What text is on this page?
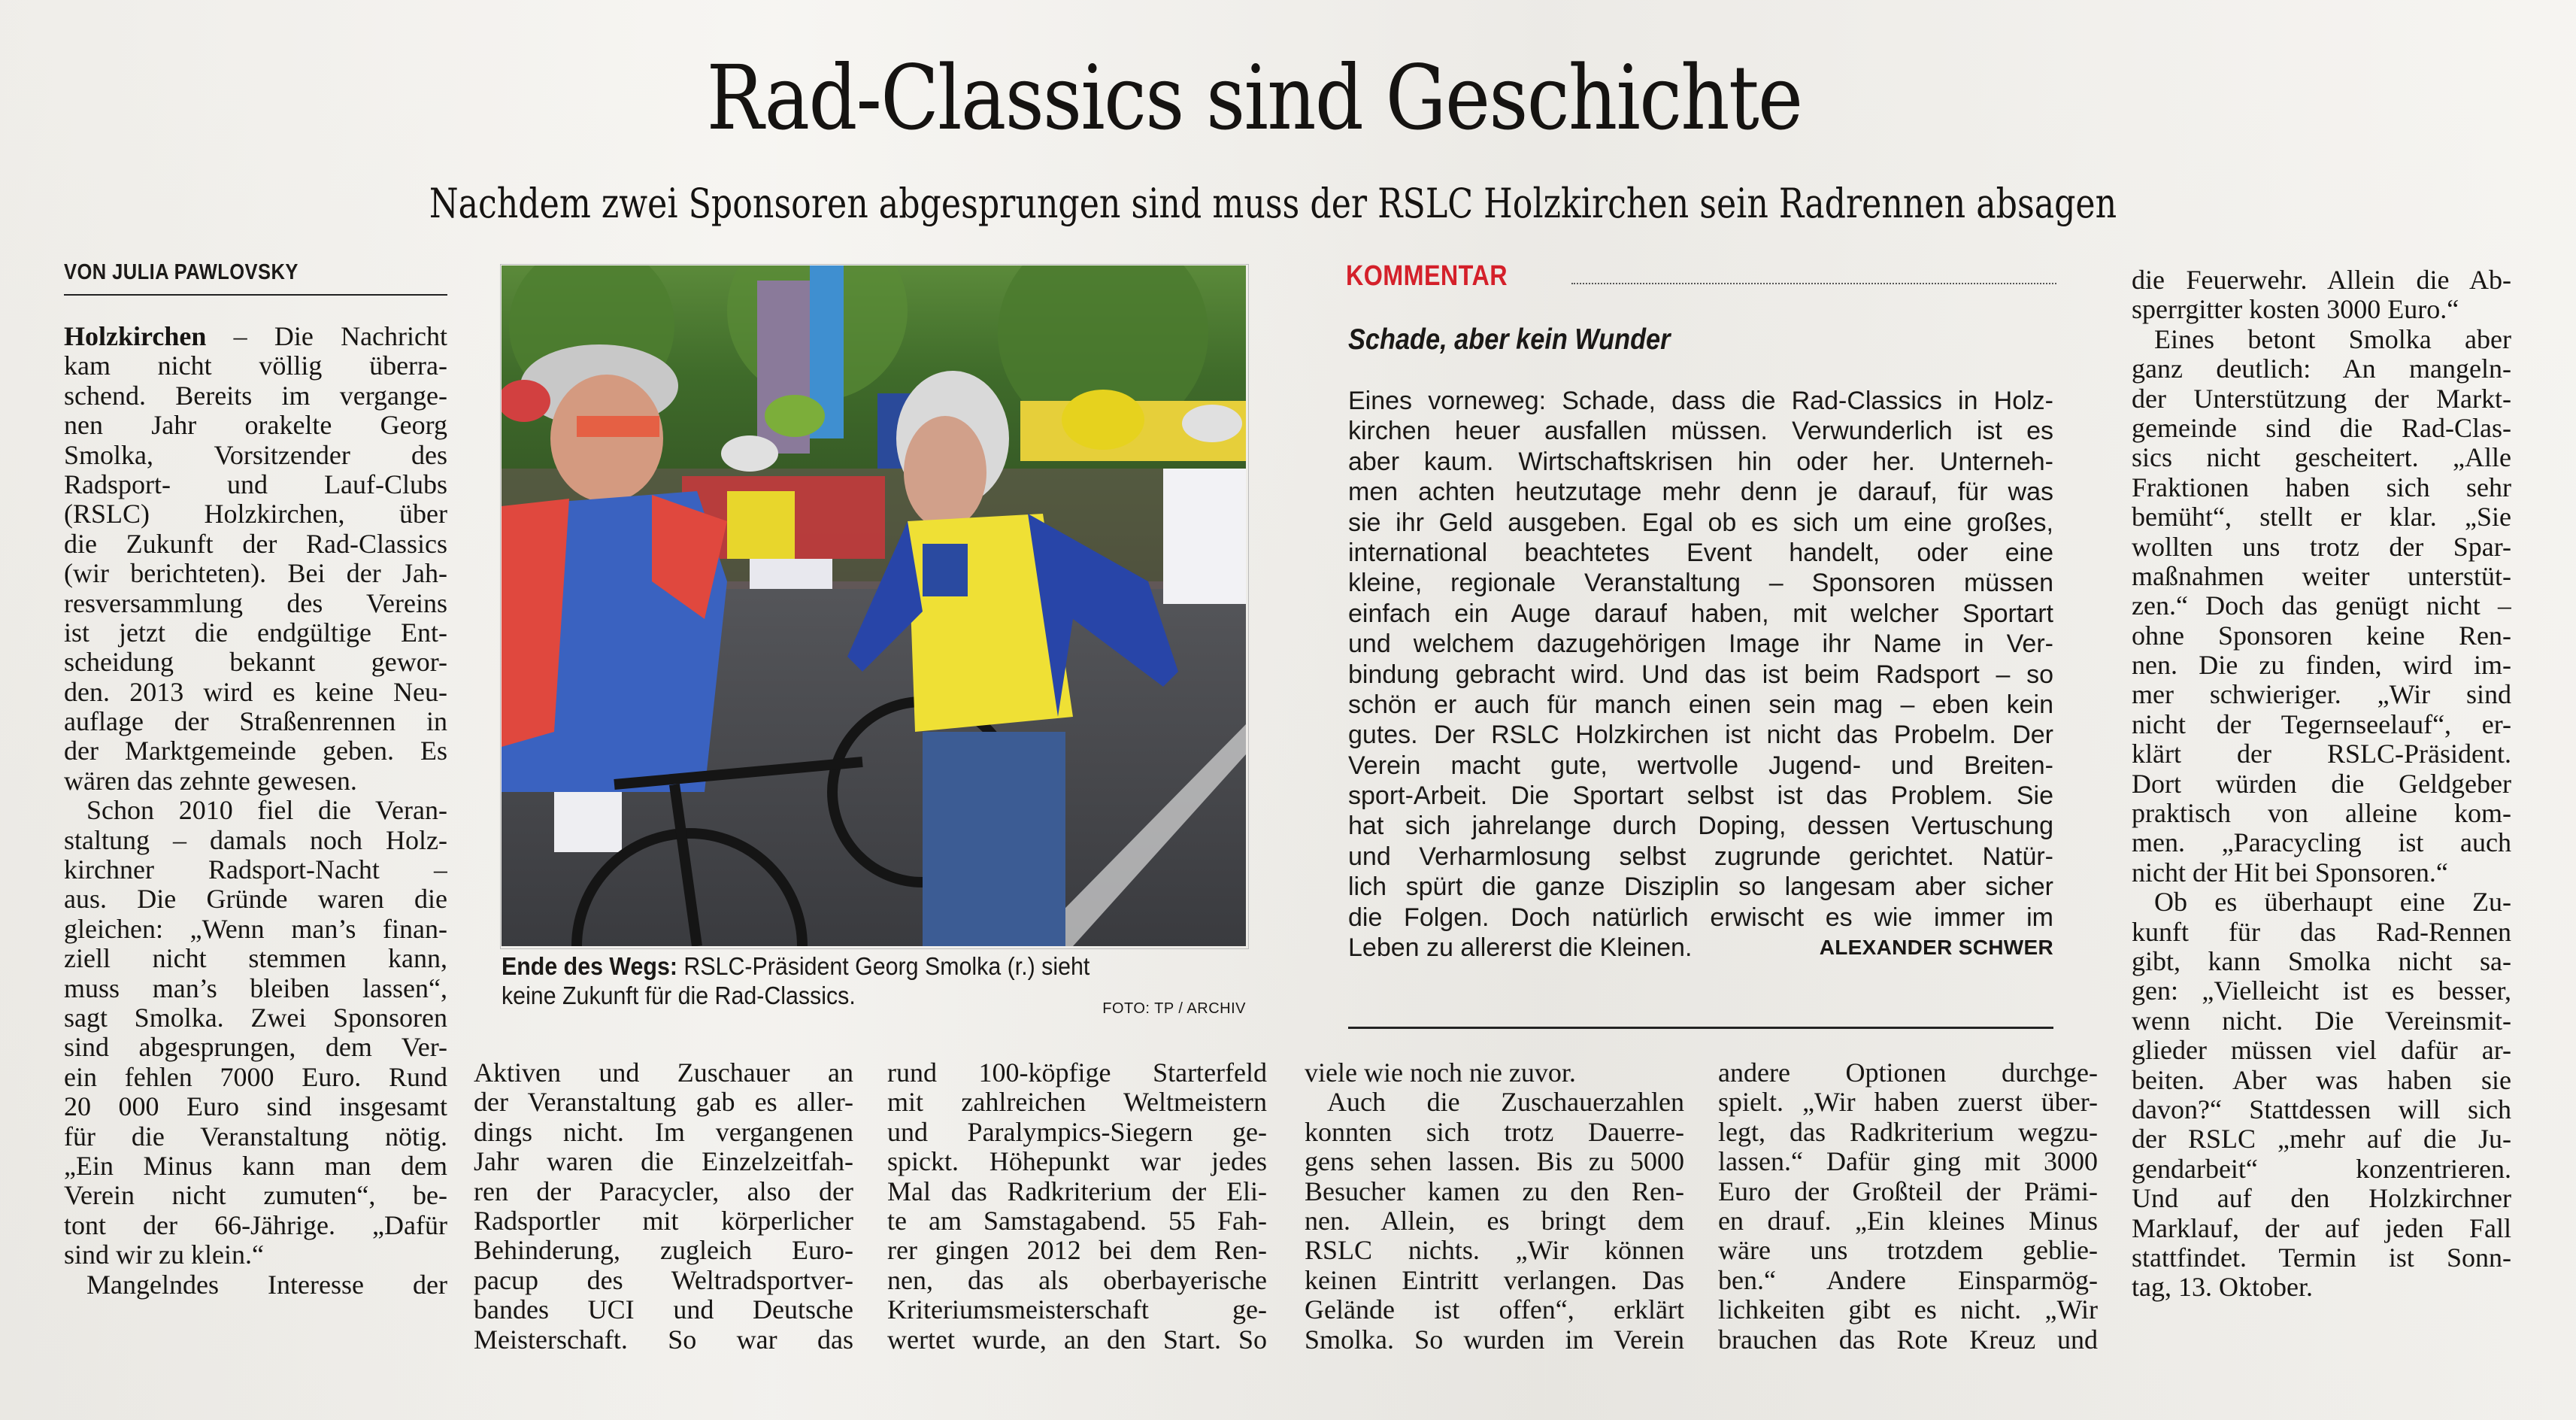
Rad-Classics sind Geschichte
Nachdem zwei Sponsoren abgesprungen sind muss der RSLC Holzkirchen sein Radrennen absagen
VON JULIA PAWLOVSKY
Holzkirchen – Die Nachricht
kam nicht völlig überra-
schend. Bereits im vergange-
nen Jahr orakelte Georg
Smolka, Vorsitzender des
Radsport- und Lauf-Clubs
(RSLC) Holzkirchen, über
die Zukunft der Rad-Classics
(wir berichteten). Bei der Jah-
resversammlung des Vereins
ist jetzt die endgültige Ent-
scheidung bekannt gewor-
den. 2013 wird es keine Neu-
auflage der Straßenrennen in
der Marktgemeinde geben. Es
wären das zehnte gewesen.
Schon 2010 fiel die Veran-
staltung – damals noch Holz-
kirchner Radsport-Nacht –
aus. Die Gründe waren die
gleichen: „Wenn man’s finan-
ziell nicht stemmen kann,
muss man’s bleiben lassen“,
sagt Smolka. Zwei Sponsoren
sind abgesprungen, dem Ver-
ein fehlen 7000 Euro. Rund
20 000 Euro sind insgesamt
für die Veranstaltung nötig.
„Ein Minus kann man dem
Verein nicht zumuten“, be-
tont der 66-Jährige. „Dafür
sind wir zu klein.“
Mangelndes Interesse der
Ende des Wegs: RSLC-Präsident Georg Smolka (r.) sieht
keine Zukunft für die Rad-Classics.	FOTO: TP / ARCHIV
Aktiven und Zuschauer an
der Veranstaltung gab es aller-
dings nicht. Im vergangenen
Jahr waren die Einzelzeitfah-
ren der Paracycler, also der
Radsportler mit körperlicher
Behinderung, zugleich Euro-
pacup des Weltradsportver-
bandes UCI und Deutsche
Meisterschaft. So war das
rund 100-köpfige Starterfeld
mit zahlreichen Weltmeistern
und Paralympics-Siegern ge-
spickt. Höhepunkt war jedes
Mal das Radkriterium der Eli-
te am Samstagabend. 55 Fah-
rer gingen 2012 bei dem Ren-
nen, das als oberbayerische
Kriteriumsmeisterschaft ge-
wertet wurde, an den Start. So
KOMMENTAR
Schade, aber kein Wunder
Eines vorneweg: Schade, dass die Rad-Classics in Holz-
kirchen heuer ausfallen müssen. Verwunderlich ist es
aber kaum. Wirtschaftskrisen hin oder her. Unterneh-
men achten heutzutage mehr denn je darauf, für was
sie ihr Geld ausgeben. Egal ob es sich um eine großes,
international beachtetes Event handelt, oder eine
kleine, regionale Veranstaltung – Sponsoren müssen
einfach ein Auge darauf haben, mit welcher Sportart
und welchem dazugehörigen Image ihr Name in Ver-
bindung gebracht wird. Und das ist beim Radsport – so
schön er auch für manch einen sein mag – eben kein
gutes. Der RSLC Holzkirchen ist nicht das Probelm. Der
Verein macht gute, wertvolle Jugend- und Breiten-
sport-Arbeit. Die Sportart selbst ist das Problem. Sie
hat sich jahrelange durch Doping, dessen Vertuschung
und Verharmlosung selbst zugrunde gerichtet. Natür-
lich spürt die ganze Disziplin so langesam aber sicher
die Folgen. Doch natürlich erwischt es wie immer im
Leben zu allererst die Kleinen.	ALEXANDER SCHWER
viele wie noch nie zuvor.
Auch die Zuschauerzahlen
konnten sich trotz Dauerre-
gens sehen lassen. Bis zu 5000
Besucher kamen zu den Ren-
nen. Allein, es bringt dem
RSLC nichts. „Wir können
keinen Eintritt verlangen. Das
Gelände ist offen“, erklärt
Smolka. So wurden im Verein
andere Optionen durchge-
spielt. „Wir haben zuerst über-
legt, das Radkriterium wegzu-
lassen.“ Dafür ging mit 3000
Euro der Großteil der Prämi-
en drauf. „Ein kleines Minus
wäre uns trotzdem geblie-
ben.“ Andere Einsparmög-
lichkeiten gibt es nicht. „Wir
brauchen das Rote Kreuz und
die Feuerwehr. Allein die Ab-
sperrgitter kosten 3000 Euro.“
Eines betont Smolka aber
ganz deutlich: An mangeln-
der Unterstützung der Markt-
gemeinde sind die Rad-Clas-
sics nicht gescheitert. „Alle
Fraktionen haben sich sehr
bemüht“, stellt er klar. „Sie
wollten uns trotz der Spar-
maßnahmen weiter unterstüt-
zen.“ Doch das genügt nicht –
ohne Sponsoren keine Ren-
nen. Die zu finden, wird im-
mer schwieriger. „Wir sind
nicht der Tegernseelauf“, er-
klärt der RSLC-Präsident.
Dort würden die Geldgeber
praktisch von alleine kom-
men. „Paracycling ist auch
nicht der Hit bei Sponsoren.“
Ob es überhaupt eine Zu-
kunft für das Rad-Rennen
gibt, kann Smolka nicht sa-
gen: „Vielleicht ist es besser,
wenn nicht. Die Vereinsmit-
glieder müssen viel dafür ar-
beiten. Aber was haben sie
davon?“ Stattdessen will sich
der RSLC „mehr auf die Ju-
gendarbeit“ konzentrieren.
Und auf den Holzkirchner
Marklauf, der auf jeden Fall
stattfindet. Termin ist Sonn-
tag, 13. Oktober.
